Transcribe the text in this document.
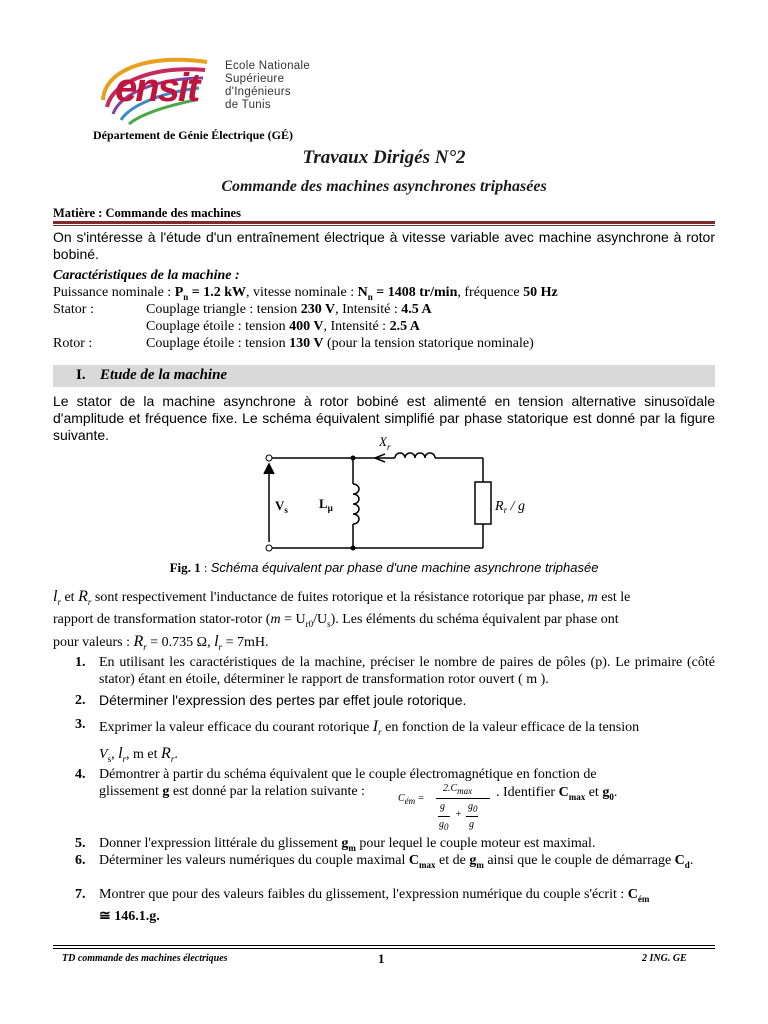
ensit Ecole Nationale
Supérieure
d'Ingénieurs
de Tunis
Département de Génie Électrique (GÉ)
Travaux Dirigés N°2
Commande des machines asynchrones triphasées
Matière : Commande des machines
On s'intéresse à l'étude d'un entraînement électrique à vitesse variable avec machine asynchrone à rotor bobiné.
Caractéristiques de la machine :
Puissance nominale : $P_n = 1.2$ kW, vitesse nominale : $N_n = 1408$ tr/min, fréquence 50 Hz
Stator :	Couplage triangle : tension 230 V, Intensité : 4.5 A
Couplage étoile : tension 400 V, Intensité : 2.5 A
Rotor :	Couplage étoile : tension 130 V (pour la tension statorique nominale)
I. Etude de la machine
Le stator de la machine asynchrone à rotor bobiné est alimenté en tension alternative sinusoïdale d'amplitude et fréquence fixe. Le schéma équivalent simplifié par phase statorique est donné par la figure suivante.	X
$V_s$ $L_\mu$	$R_r$ / g
r
Fig. 1 : Schéma équivalent par phase d'une machine asynchrone triphasée
$l_r$ et $R_r$ sont respectivement l'inductance de fuites rotorique et la résistance rotorique par phase, m est le
rapport de transformation stator-rotor $(m = U_{r0}/U_s)$. Les éléments du schéma équivalent par phase ont
pour valeurs : $R_r = 0.735$ Ω, $l_r = 7mH$.
1. En utilisant les caractéristiques de la machine, préciser le nombre de paires de pôles (p). Le primaire (côté stator) étant en étoile, déterminer le rapport de transformation rotor ouvert ( m ).
2. Déterminer l'expression des pertes par effet joule rotorique.
3. Exprimer la valeur efficace du courant rotorique $I_r$ en fonction de la valeur efficace de la tension
$V_s$, $l_r$, m et $R_r$.
4. Démontrer à partir du schéma équivalent que le couple électromagnétique en fonction de
glissement g est donné par la relation suivante :	$C_{ém}$ =
$2.C_{max}$
g $g_0$
+
$g_0$ g
. Identifier $C_{max}$ et $g_0$.
5. Donner l'expression littérale du glissement $g_m$ pour lequel le couple moteur est maximal.
6. Déterminer les valeurs numériques du couple maximal $C_{max}$ et de $g_m$ ainsi que le couple de démarrage $C_d$.
7. Montrer que pour des valeurs faibles du glissement, l'expression numérique du couple s'écrit : $C_{ém}$
≅ 146.1.g.
TD commande des machines électriques	1	2 ING. GE
